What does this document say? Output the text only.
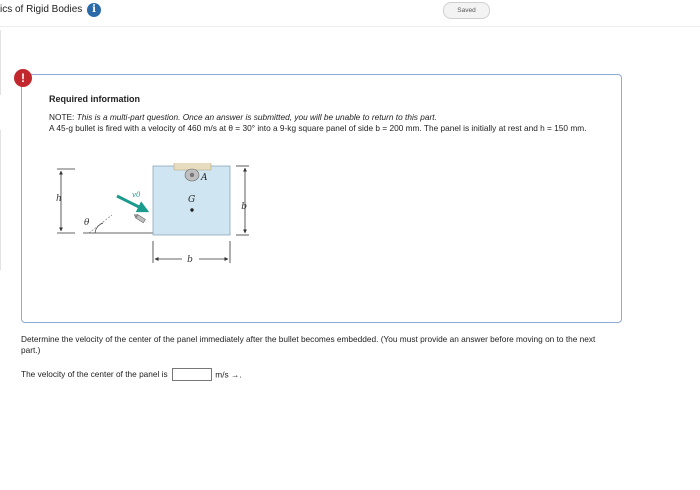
ics of Rigid Bodies i	Saved
Required information
NOTE: This is a multi-part question. Once an answer is submitted, you will be unable to return to this part.
A 45-g bullet is fired with a velocity of 460 m/s at θ = 30° into a 9-kg square panel of side b = 200 mm. The panel is initially at rest and h = 150 mm.
h
θ
v0
A
G
b
b
!
Determine the velocity of the center of the panel immediately after the bullet becomes embedded. (You must provide an answer before moving on to the next part.)
The velocity of the center of the panel is	m/s →.
